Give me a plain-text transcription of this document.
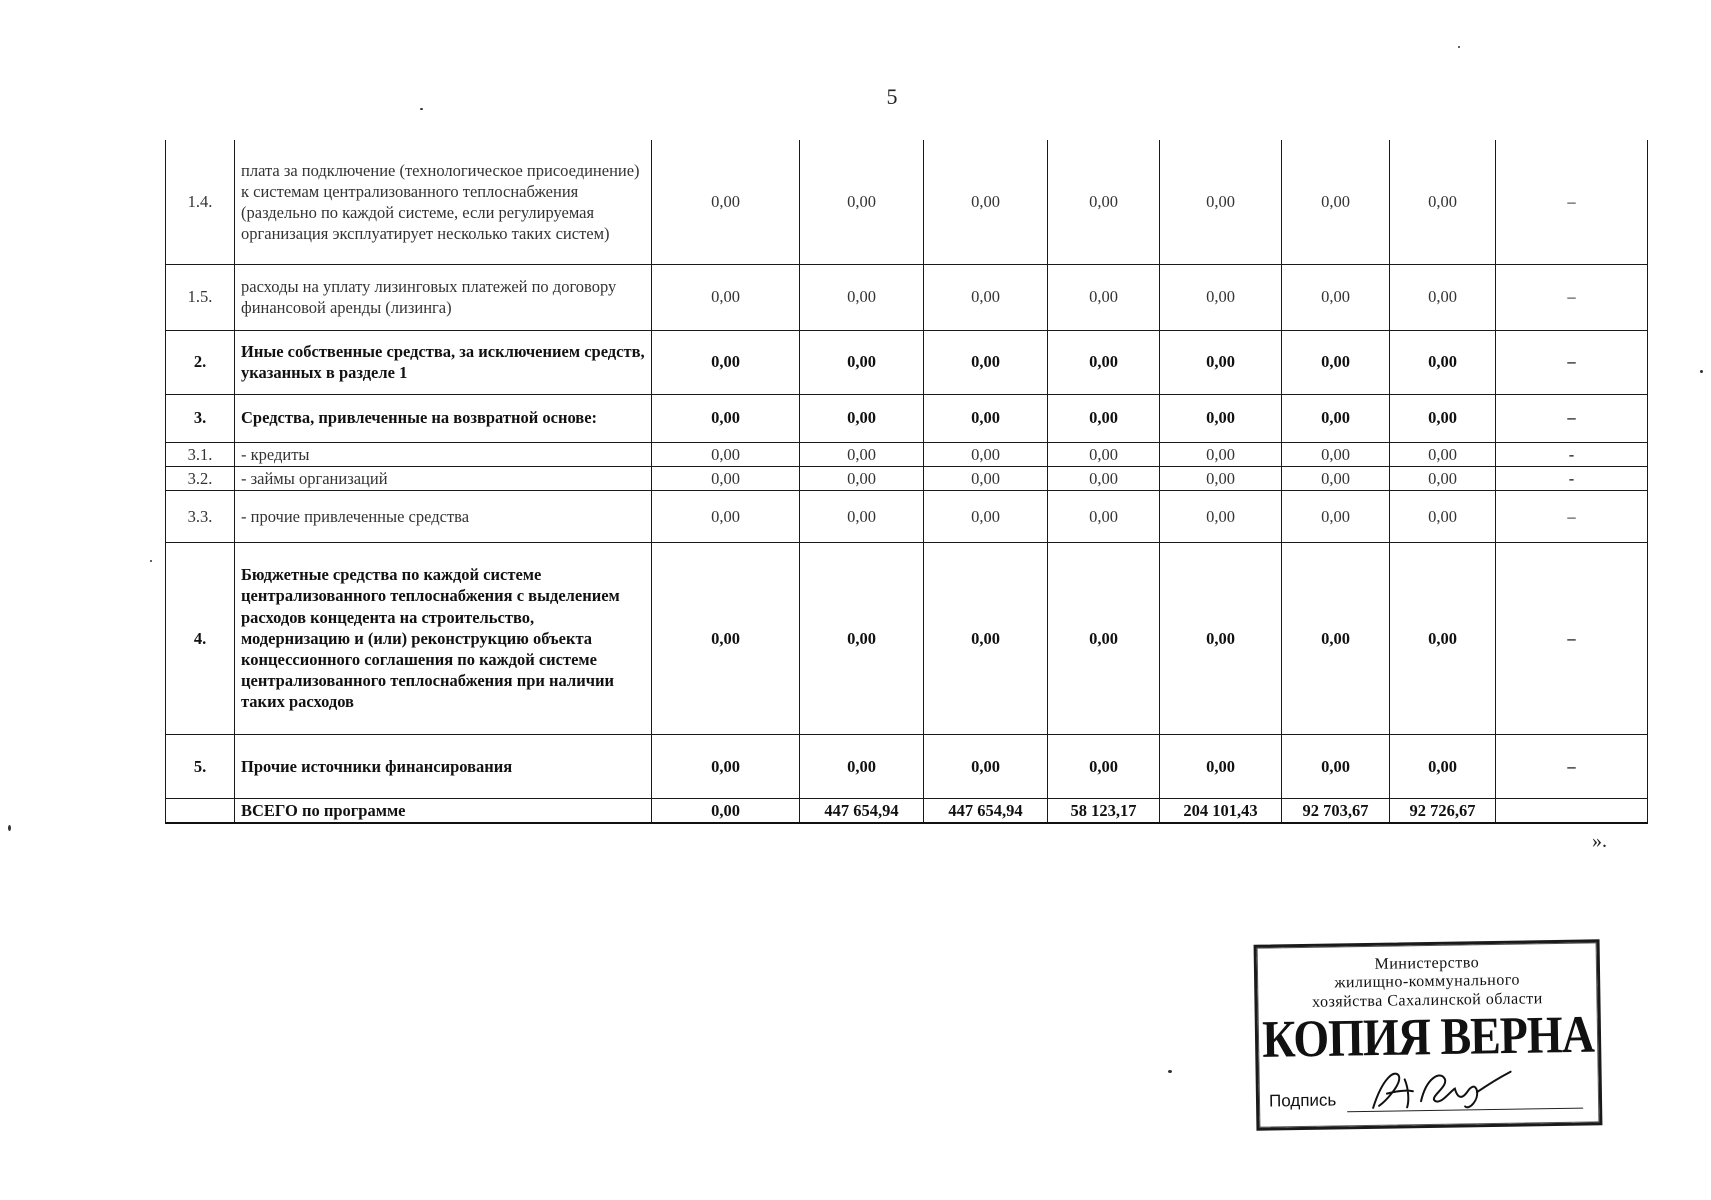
5
1.4.	плата за подключение (технологическое присоединение) к системам централизованного теплоснабжения (раздельно по каждой системе, если регулируемая организация эксплуатирует несколько таких систем)	0,00	0,00	0,00	0,00	0,00	0,00	0,00	–
1.5.	расходы на уплату лизинговых платежей по договору финансовой аренды (лизинга)	0,00	0,00	0,00	0,00	0,00	0,00	0,00	–
2.	Иные собственные средства, за исключением средств, указанных в разделе 1	0,00	0,00	0,00	0,00	0,00	0,00	0,00	–
3.	Средства, привлеченные на возвратной основе:	0,00	0,00	0,00	0,00	0,00	0,00	0,00	–
3.1.	- кредиты	0,00	0,00	0,00	0,00	0,00	0,00	0,00	-
3.2.	- займы организаций	0,00	0,00	0,00	0,00	0,00	0,00	0,00	-
3.3.	- прочие привлеченные средства	0,00	0,00	0,00	0,00	0,00	0,00	0,00	–
4.	Бюджетные средства по каждой системе централизованного теплоснабжения с выделением расходов концедента на строительство, модернизацию и (или) реконструкцию объекта концессионного соглашения по каждой системе централизованного теплоснабжения при наличии таких расходов	0,00	0,00	0,00	0,00	0,00	0,00	0,00	–
5.	Прочие источники финансирования	0,00	0,00	0,00	0,00	0,00	0,00	0,00	–
	ВСЕГО по программе	0,00	447 654,94	447 654,94	58 123,17	204 101,43	92 703,67	92 726,67	
».
Министерство
жилищно-коммунального
хозяйства Сахалинской области
КОПИЯ ВЕРНА
Подпись
